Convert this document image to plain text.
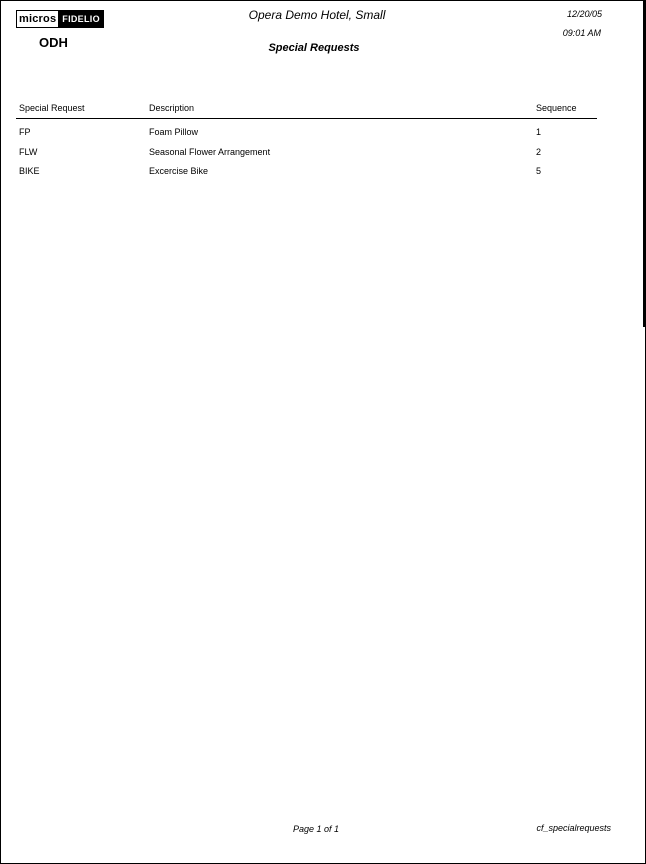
micros FIDELIO
ODH
Opera Demo Hotel, Small
Special Requests
12/20/05
09:01 AM
Special Request	Description	Sequence
FP	Foam Pillow	1
FLW	Seasonal Flower Arrangement	2
BIKE	Excercise Bike	5
Page 1 of 1	cf_specialrequests
